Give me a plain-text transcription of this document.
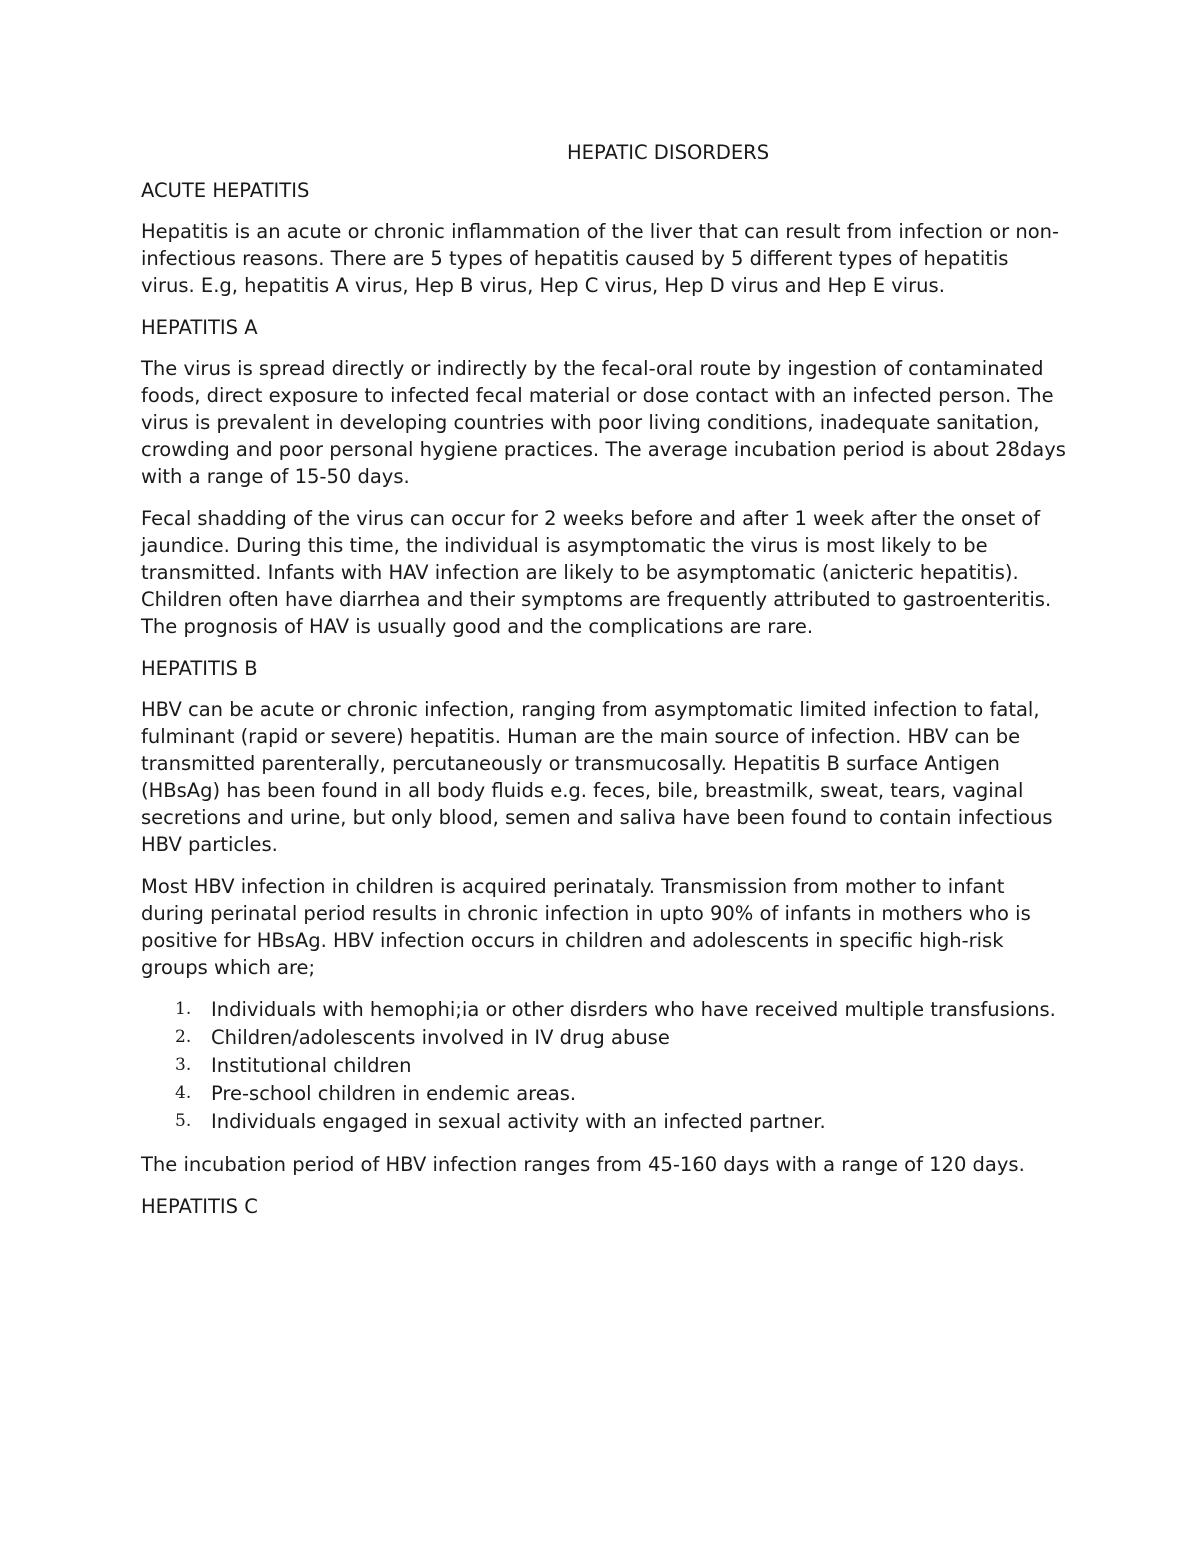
HEPATIC DISORDERS
ACUTE HEPATITIS
Hepatitis is an acute or chronic inflammation of the liver that can result from infection or non-infectious reasons. There are 5 types of hepatitis caused by 5 different types of hepatitis virus. E.g, hepatitis A virus, Hep B virus, Hep C virus, Hep D virus and Hep E virus.
HEPATITIS A
The virus is spread directly or indirectly by the fecal-oral route by ingestion of contaminated foods, direct exposure to infected fecal material or dose contact with an infected person. The virus is prevalent in developing countries with poor living conditions, inadequate sanitation, crowding and poor personal hygiene practices. The average incubation period is about 28days with a range of 15-50 days.
Fecal shadding of the virus can occur for 2 weeks before and after 1 week after the onset of jaundice. During this time, the individual is asymptomatic the virus is most likely to be transmitted. Infants with HAV infection are likely to be asymptomatic (anicteric hepatitis). Children often have diarrhea and their symptoms are frequently attributed to gastroenteritis. The prognosis of HAV is usually good and the complications are rare.
HEPATITIS B
HBV can be acute or chronic infection, ranging from asymptomatic limited infection to fatal, fulminant (rapid or severe) hepatitis. Human are the main source of infection. HBV can be transmitted parenterally, percutaneously or transmucosally. Hepatitis B surface Antigen (HBsAg) has been found in all body fluids e.g. feces, bile, breastmilk, sweat, tears, vaginal secretions and urine, but only blood, semen and saliva have been found to contain infectious HBV particles.
Most HBV infection in children is acquired perinataly. Transmission from mother to infant during perinatal period results in chronic infection in upto 90% of infants in mothers who is positive for HBsAg. HBV infection occurs in children and adolescents in specific high-risk groups which are;
1. Individuals with hemophi;ia or other disrders who have received multiple transfusions.
2. Children/adolescents involved in IV drug abuse
3. Institutional children
4. Pre-school children in endemic areas.
5. Individuals engaged in sexual activity with an infected partner.
The incubation period of HBV infection ranges from 45-160 days with a range of 120 days.
HEPATITIS C
